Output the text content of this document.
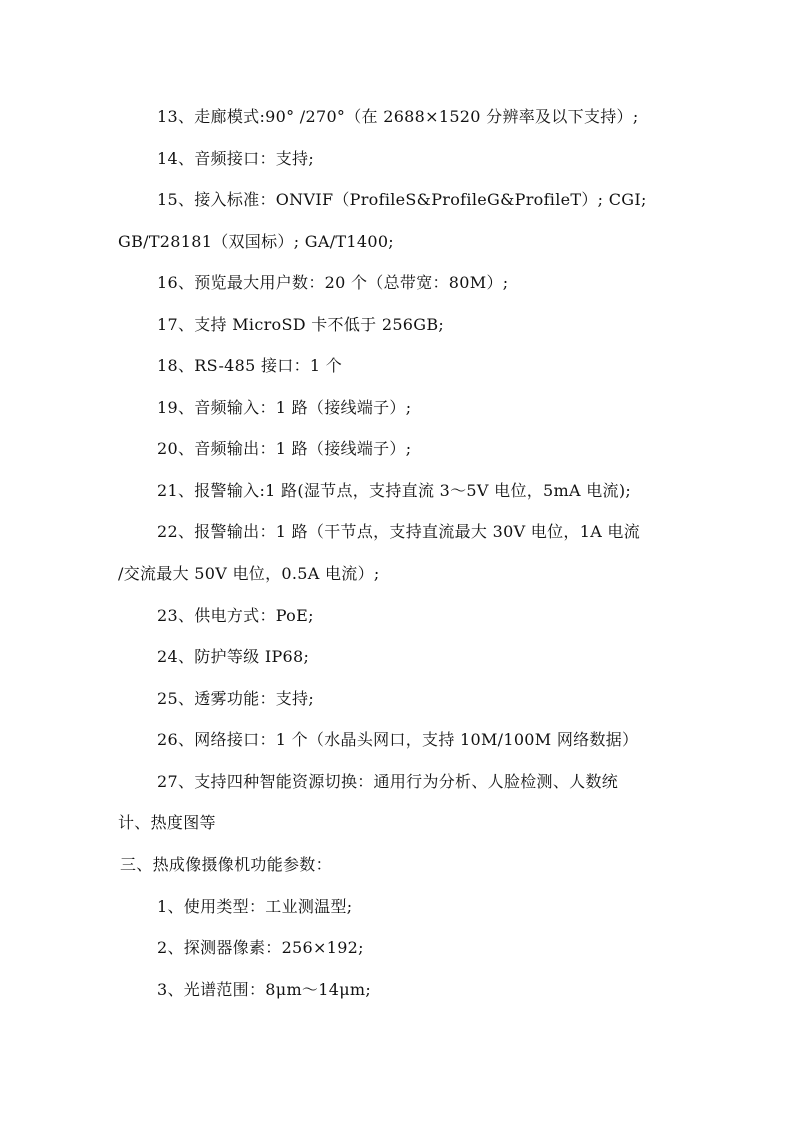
13、走廊模式:90° /270°（在 2688×1520 分辨率及以下支持）;
14、音频接口：支持;
15、接入标准：ONVIF（ProfileS&ProfileG&ProfileT）; CGI;
GB/T28181（双国标）; GA/T1400;
16、预览最大用户数：20 个（总带宽：80M）;
17、支持 MicroSD 卡不低于 256GB;
18、RS-485 接口：1 个
19、音频输入：1 路（接线端子）;
20、音频输出：1 路（接线端子）;
21、报警输入:1 路(湿节点，支持直流 3～5V 电位，5mA 电流);
22、报警输出：1 路（干节点，支持直流最大 30V 电位，1A 电流
/交流最大 50V 电位，0.5A 电流）;
23、供电方式：PoE;
24、防护等级 IP68;
25、透雾功能：支持;
26、网络接口：1 个（水晶头网口，支持 10M/100M 网络数据）
27、支持四种智能资源切换：通用行为分析、人脸检测、人数统
计、热度图等
三、热成像摄像机功能参数：
1、使用类型：工业测温型;
2、探测器像素：256×192;
3、光谱范围：8μm～14μm;
